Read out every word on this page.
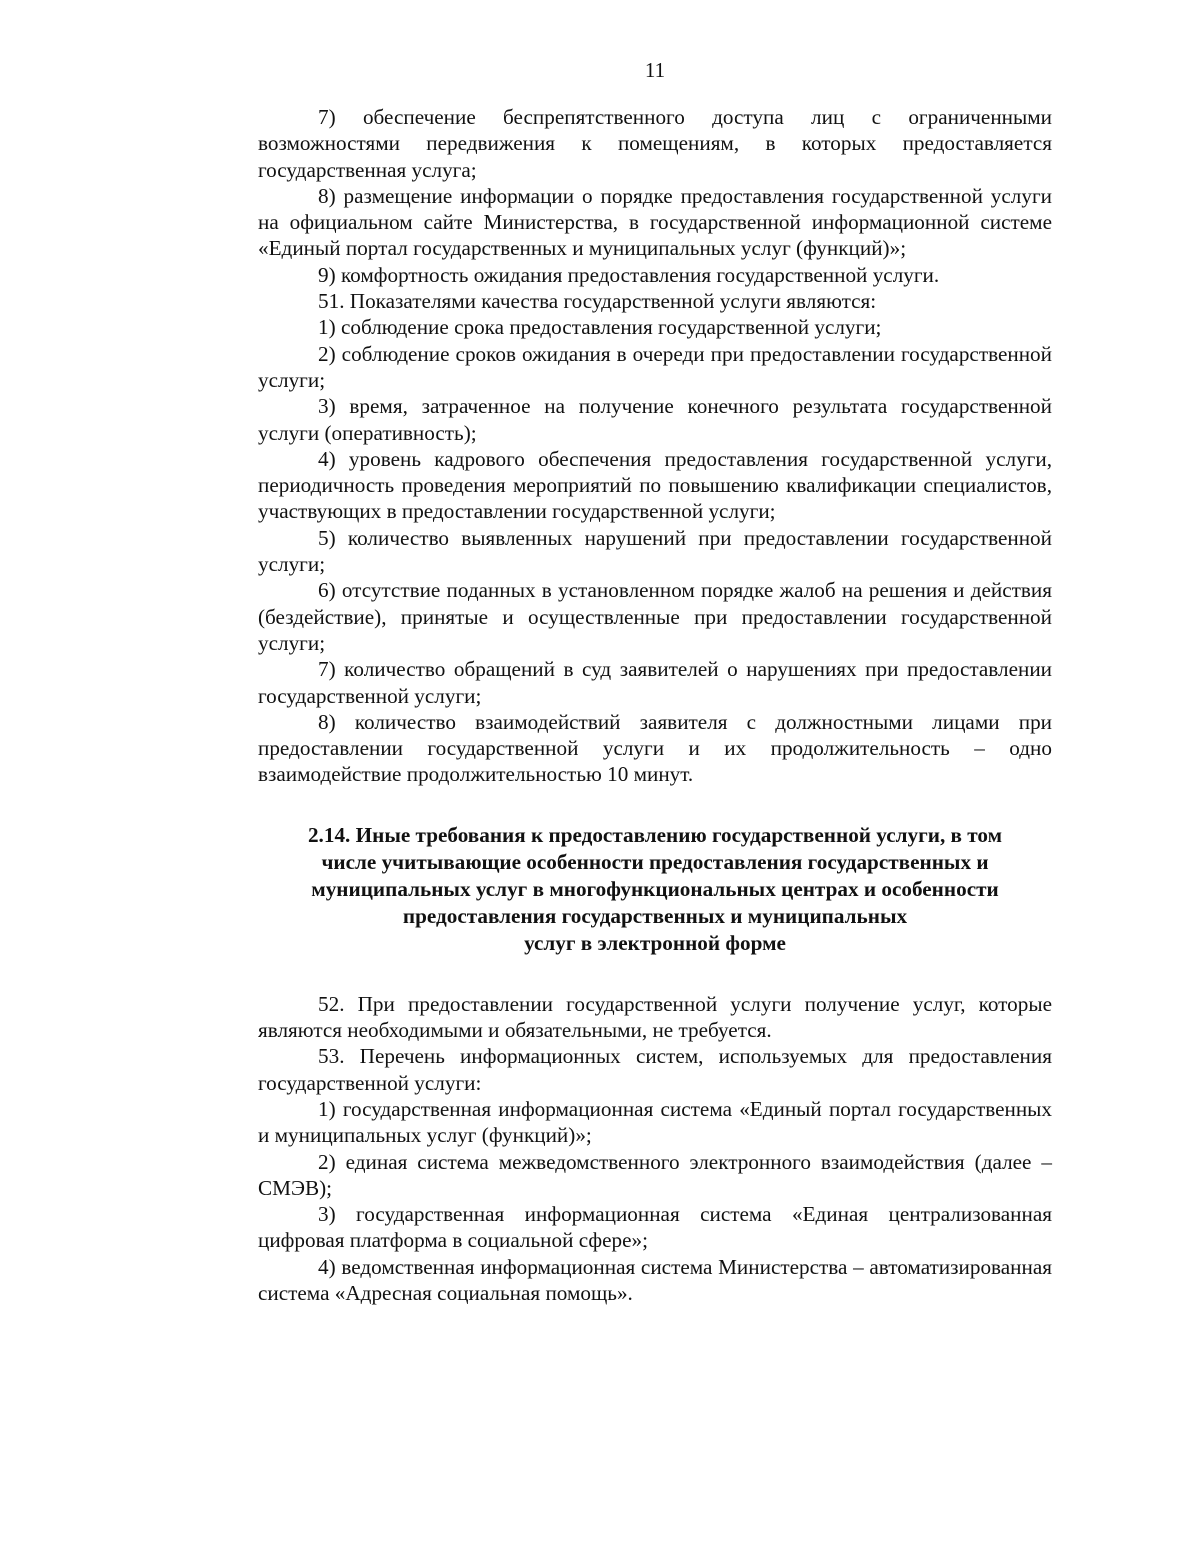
11

7) обеспечение беспрепятственного доступа лиц с ограниченными возможностями передвижения к помещениям, в которых предоставляется государственная услуга;

8) размещение информации о порядке предоставления государственной услуги на официальном сайте Министерства, в государственной информационной системе «Единый портал государственных и муниципальных услуг (функций)»;

9) комфортность ожидания предоставления государственной услуги.

51. Показателями качества государственной услуги являются:

1) соблюдение срока предоставления государственной услуги;

2) соблюдение сроков ожидания в очереди при предоставлении государственной услуги;

3) время, затраченное на получение конечного результата государственной услуги (оперативность);

4) уровень кадрового обеспечения предоставления государственной услуги, периодичность проведения мероприятий по повышению квалификации специалистов, участвующих в предоставлении государственной услуги;

5) количество выявленных нарушений при предоставлении государственной услуги;

6) отсутствие поданных в установленном порядке жалоб на решения и действия (бездействие), принятые и осуществленные при предоставлении государственной услуги;

7) количество обращений в суд заявителей о нарушениях при предоставлении государственной услуги;

8) количество взаимодействий заявителя с должностными лицами при предоставлении государственной услуги и их продолжительность – одно взаимодействие продолжительностью 10 минут.

2.14. Иные требования к предоставлению государственной услуги, в том
числе учитывающие особенности предоставления государственных и
муниципальных услуг в многофункциональных центрах и особенности
предоставления государственных и муниципальных
услуг в электронной форме

52. При предоставлении государственной услуги получение услуг, которые являются необходимыми и обязательными, не требуется.

53. Перечень информационных систем, используемых для предоставления государственной услуги:

1) государственная информационная система «Единый портал государственных и муниципальных услуг (функций)»;

2) единая система межведомственного электронного взаимодействия (далее – СМЭВ);

3) государственная информационная система «Единая централизованная цифровая платформа в социальной сфере»;

4) ведомственная информационная система Министерства – автоматизированная система «Адресная социальная помощь».
